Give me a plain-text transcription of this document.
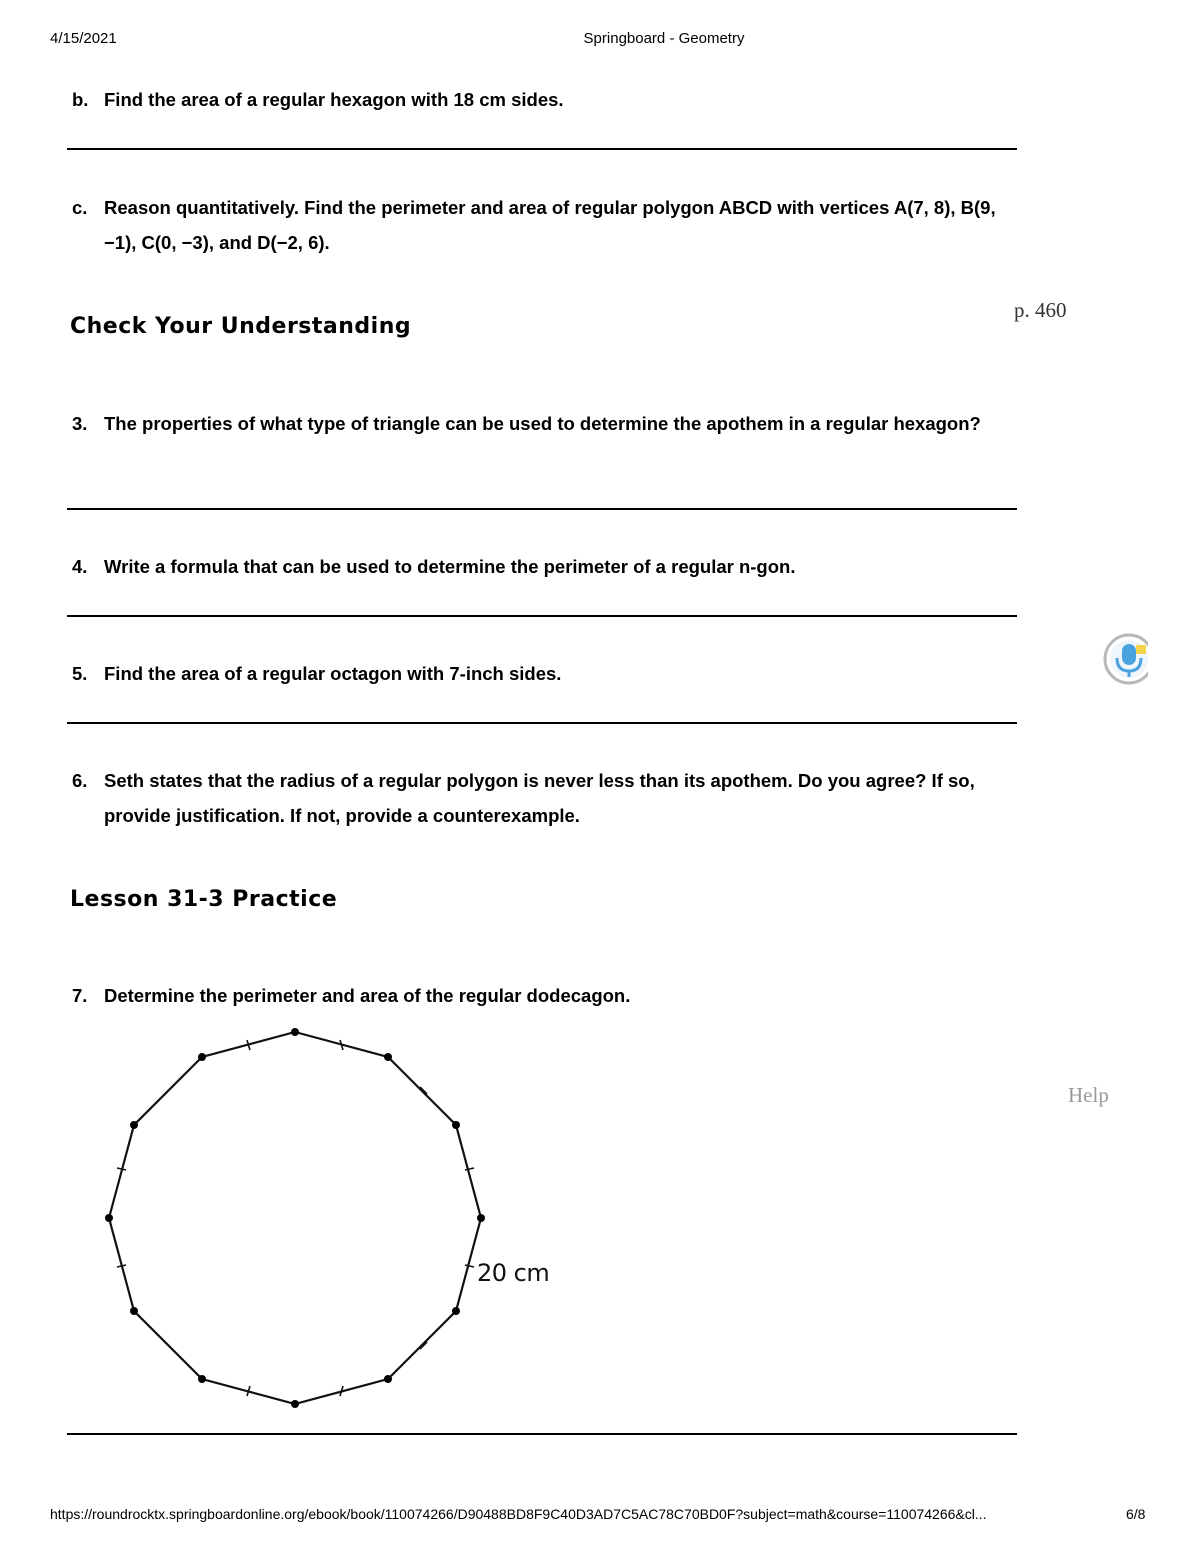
4/15/2021	Springboard - Geometry
b. Find the area of a regular hexagon with 18 cm sides.
c. Reason quantitatively. Find the perimeter and area of regular polygon ABCD with vertices A(7, 8), B(9, −1), C(0, −3), and D(−2, 6).
p. 460
Check Your Understanding
3. The properties of what type of triangle can be used to determine the apothem in a regular hexagon?
4. Write a formula that can be used to determine the perimeter of a regular n-gon.
5. Find the area of a regular octagon with 7-inch sides.
6. Seth states that the radius of a regular polygon is never less than its apothem. Do you agree? If so, provide justification. If not, provide a counterexample.
Lesson 31-3 Practice
7. Determine the perimeter and area of the regular dodecagon.
20 cm
Help
https://roundrocktx.springboardonline.org/ebook/book/110074266/D90488BD8F9C40D3AD7C5AC78C70BD0F?subject=math&course=110074266&cl...	6/8
